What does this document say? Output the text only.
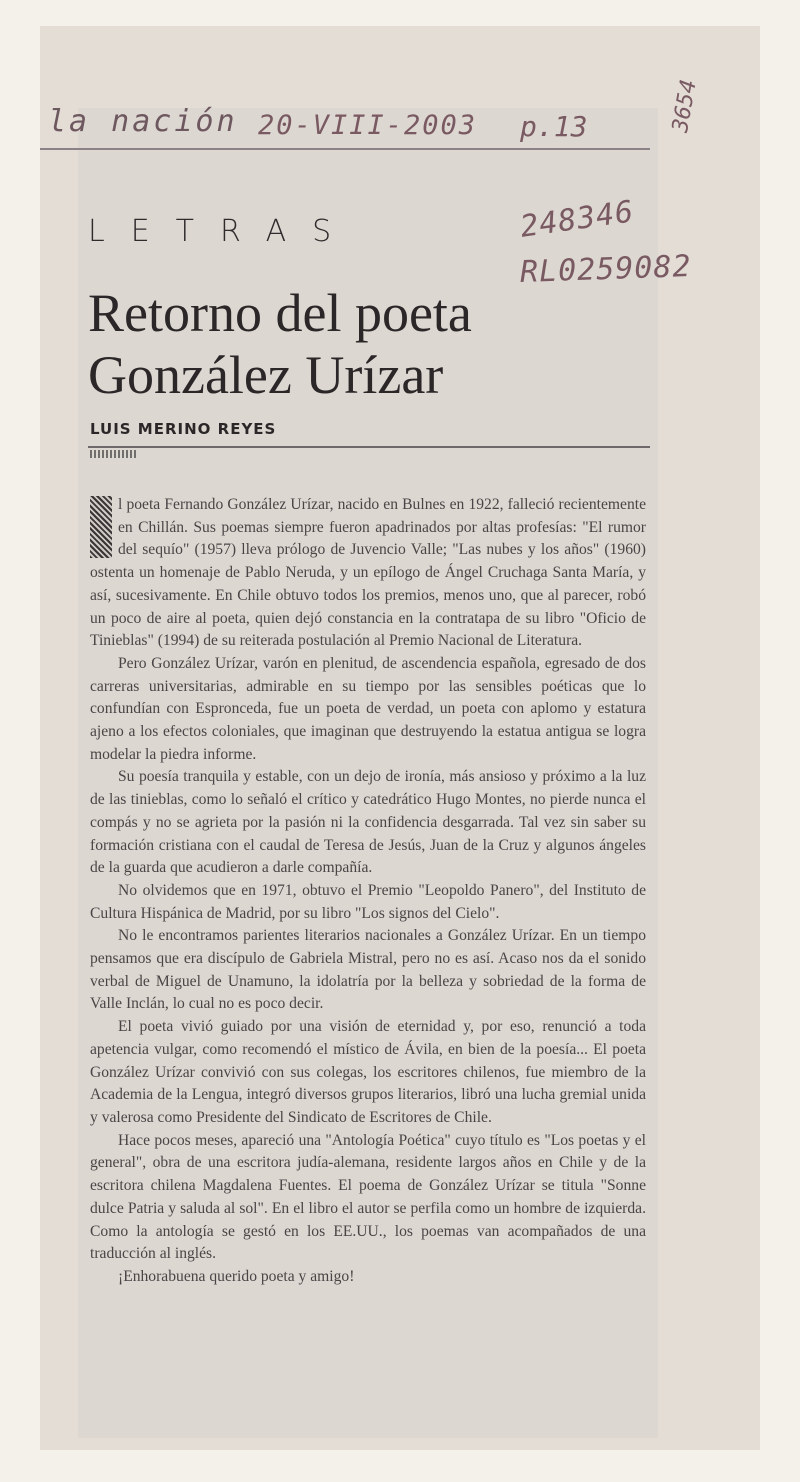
la nación 20-VIII-2003 p.13	3654
248346
RL0259082
LETRAS
Retorno del poeta
González Urízar
LUIS MERINO REYES

l poeta Fernando González Urízar, nacido en Bulnes en 1922, falleció recientemente en Chillán. Sus poemas siempre fueron apadrinados por altas profesías: "El rumor del sequío" (1957) lleva prólogo de Juvencio Valle; "Las nubes y los años" (1960) ostenta un homenaje de Pablo Neruda, y un epílogo de Ángel Cruchaga Santa María, y así, sucesivamente. En Chile obtuvo todos los premios, menos uno, que al parecer, robó un poco de aire al poeta, quien dejó constancia en la contratapa de su libro "Oficio de Tinieblas" (1994) de su reiterada postulación al Premio Nacional de Literatura.

Pero González Urízar, varón en plenitud, de ascendencia española, egresado de dos carreras universitarias, admirable en su tiempo por las sensibles poéticas que lo confundían con Espronceda, fue un poeta de verdad, un poeta con aplomo y estatura ajeno a los efectos coloniales, que imaginan que destruyendo la estatua antigua se logra modelar la piedra informe.

Su poesía tranquila y estable, con un dejo de ironía, más ansioso y próximo a la luz de las tinieblas, como lo señaló el crítico y catedrático Hugo Montes, no pierde nunca el compás y no se agrieta por la pasión ni la confidencia desgarrada. Tal vez sin saber su formación cristiana con el caudal de Teresa de Jesús, Juan de la Cruz y algunos ángeles de la guarda que acudieron a darle compañía.

No olvidemos que en 1971, obtuvo el Premio "Leopoldo Panero", del Instituto de Cultura Hispánica de Madrid, por su libro "Los signos del Cielo".

No le encontramos parientes literarios nacionales a González Urízar. En un tiempo pensamos que era discípulo de Gabriela Mistral, pero no es así. Acaso nos da el sonido verbal de Miguel de Unamuno, la idolatría por la belleza y sobriedad de la forma de Valle Inclán, lo cual no es poco decir.

El poeta vivió guiado por una visión de eternidad y, por eso, renunció a toda apetencia vulgar, como recomendó el místico de Ávila, en bien de la poesía... El poeta González Urízar convivió con sus colegas, los escritores chilenos, fue miembro de la Academia de la Lengua, integró diversos grupos literarios, libró una lucha gremial unida y valerosa como Presidente del Sindicato de Escritores de Chile.

Hace pocos meses, apareció una "Antología Poética" cuyo título es "Los poetas y el general", obra de una escritora judía-alemana, residente largos años en Chile y de la escritora chilena Magdalena Fuentes. El poema de González Urízar se titula "Sonne dulce Patria y saluda al sol". En el libro el autor se perfila como un hombre de izquierda. Como la antología se gestó en los EE.UU., los poemas van acompañados de una traducción al inglés.

¡Enhorabuena querido poeta y amigo!
